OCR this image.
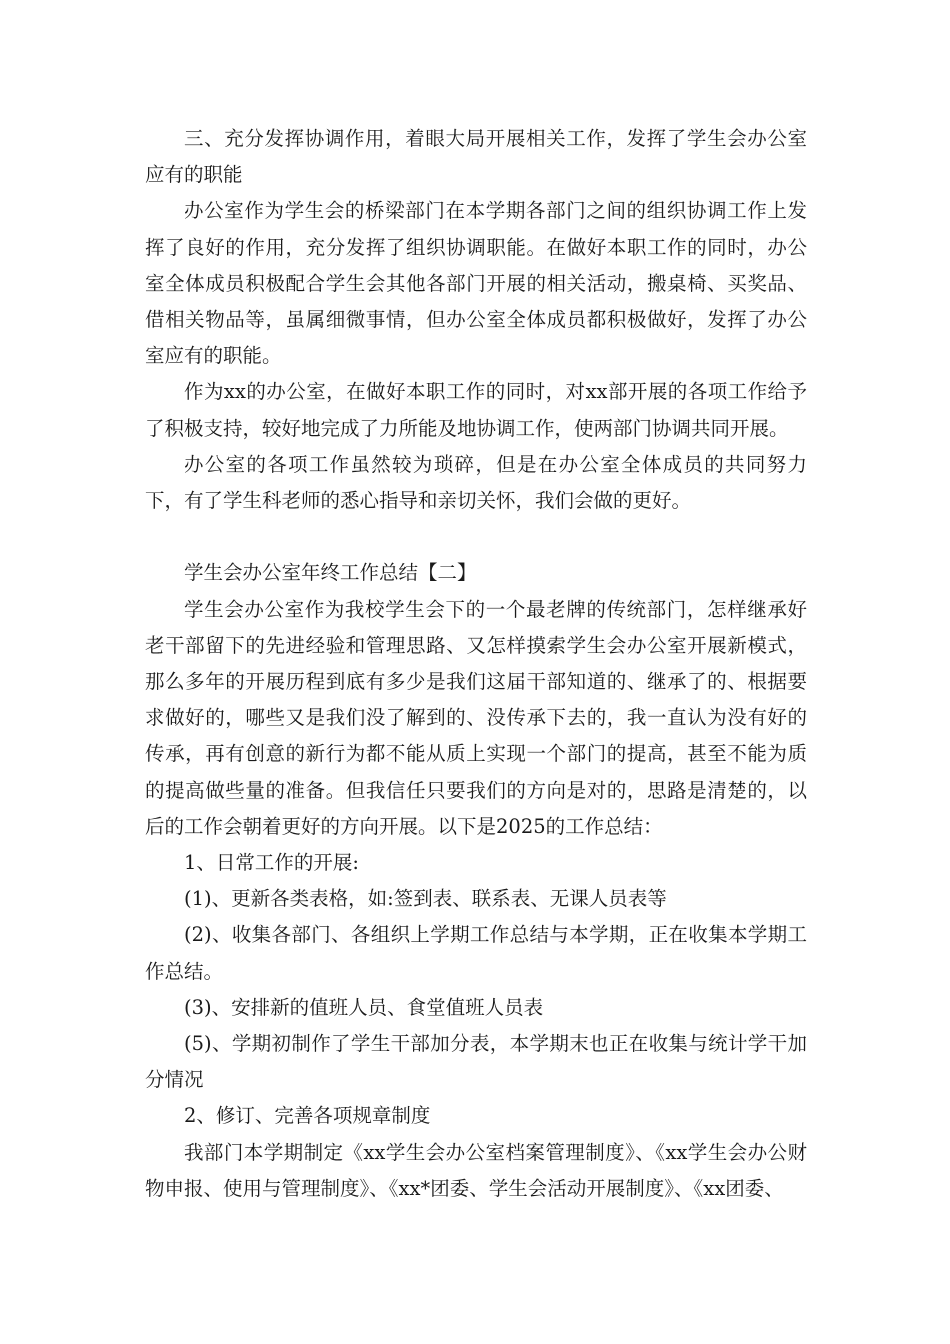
三、充分发挥协调作用，着眼大局开展相关工作，发挥了学生会办公室应有的职能

办公室作为学生会的桥梁部门在本学期各部门之间的组织协调工作上发挥了良好的作用，充分发挥了组织协调职能。在做好本职工作的同时，办公室全体成员积极配合学生会其他各部门开展的相关活动，搬桌椅、买奖品、借相关物品等，虽属细微事情，但办公室全体成员都积极做好，发挥了办公室应有的职能。

作为xx的办公室，在做好本职工作的同时，对xx部开展的各项工作给予了积极支持，较好地完成了力所能及地协调工作，使两部门协调共同开展。

办公室的各项工作虽然较为琐碎，但是在办公室全体成员的共同努力下，有了学生科老师的悉心指导和亲切关怀，我们会做的更好。

学生会办公室年终工作总结【二】

学生会办公室作为我校学生会下的一个最老牌的传统部门，怎样继承好老干部留下的先进经验和管理思路、又怎样摸索学生会办公室开展新模式，那么多年的开展历程到底有多少是我们这届干部知道的、继承了的、根据要求做好的，哪些又是我们没了解到的、没传承下去的，我一直认为没有好的传承，再有创意的新行为都不能从质上实现一个部门的提高，甚至不能为质的提高做些量的准备。但我信任只要我们的方向是对的，思路是清楚的，以后的工作会朝着更好的方向开展。以下是2025的工作总结：

1、日常工作的开展:

(1)、更新各类表格，如:签到表、联系表、无课人员表等

(2)、收集各部门、各组织上学期工作总结与本学期，正在收集本学期工作总结。

(3)、安排新的值班人员、食堂值班人员表

(5)、学期初制作了学生干部加分表，本学期末也正在收集与统计学干加分情况

2、修订、完善各项规章制度

我部门本学期制定《xx学生会办公室档案管理制度》、《xx学生会办公财物申报、使用与管理制度》、《xx*团委、学生会活动开展制度》、《xx团委、
